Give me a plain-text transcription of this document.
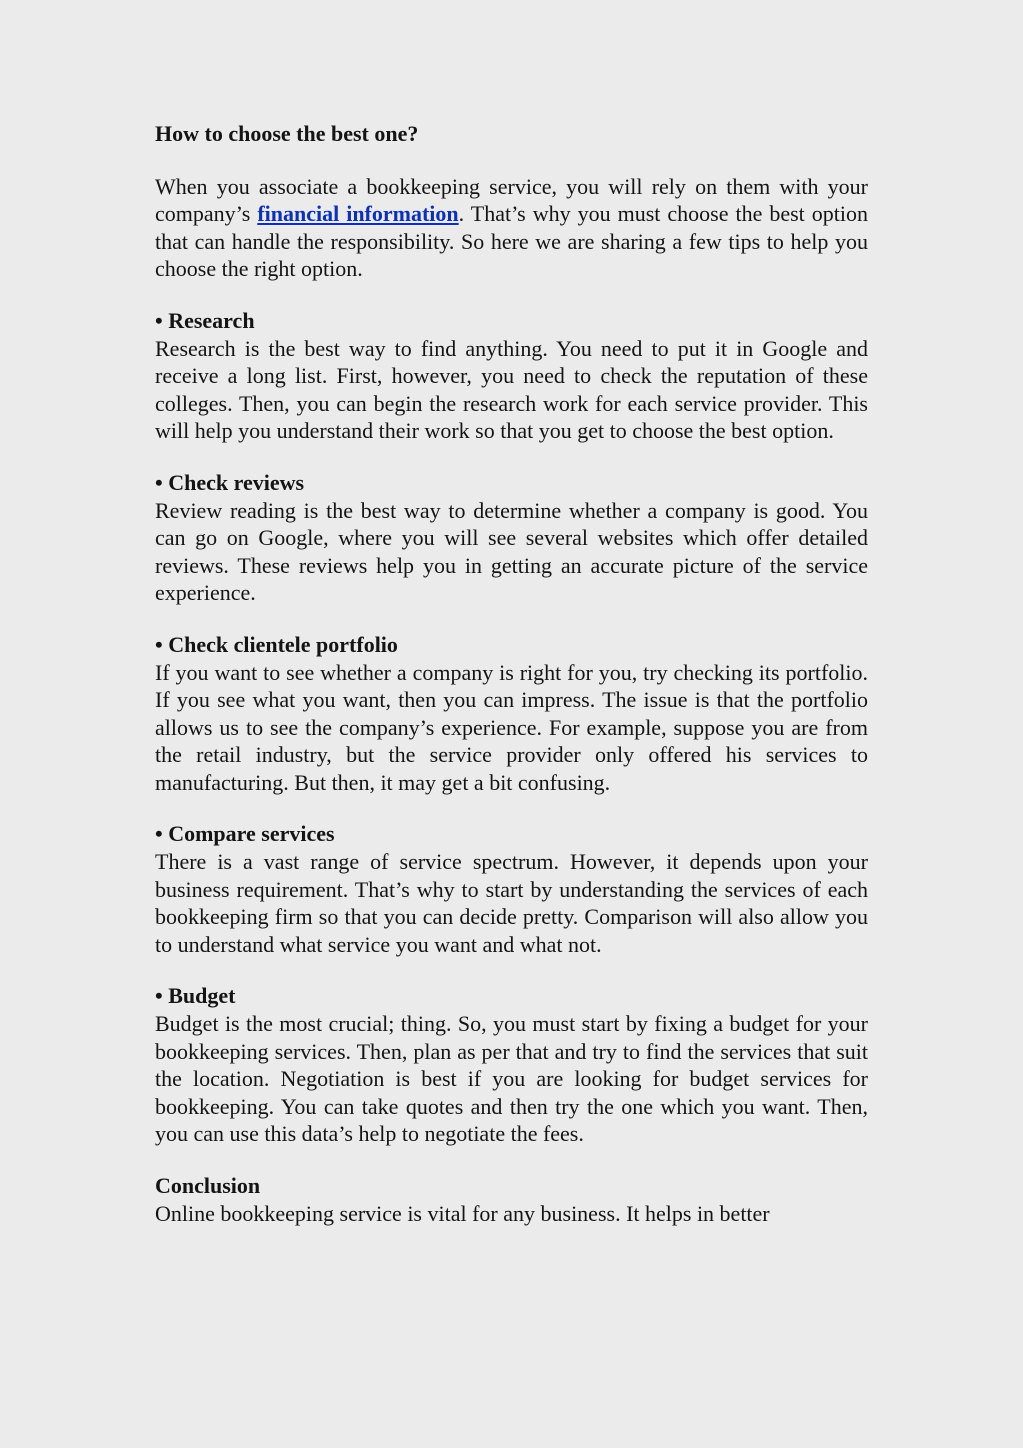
How to choose the best one?

When you associate a bookkeeping service, you will rely on them with your company’s financial information. That’s why you must choose the best option that can handle the responsibility. So here we are sharing a few tips to help you choose the right option.

• Research

Research is the best way to find anything. You need to put it in Google and receive a long list. First, however, you need to check the reputation of these colleges. Then, you can begin the research work for each service provider. This will help you understand their work so that you get to choose the best option.

• Check reviews

Review reading is the best way to determine whether a company is good. You can go on Google, where you will see several websites which offer detailed reviews. These reviews help you in getting an accurate picture of the service experience.

• Check clientele portfolio

If you want to see whether a company is right for you, try checking its portfolio. If you see what you want, then you can impress. The issue is that the portfolio allows us to see the company’s experience. For example, suppose you are from the retail industry, but the service provider only offered his services to manufacturing. But then, it may get a bit confusing.

• Compare services

There is a vast range of service spectrum. However, it depends upon your business requirement. That’s why to start by understanding the services of each bookkeeping firm so that you can decide pretty. Comparison will also allow you to understand what service you want and what not.

• Budget

Budget is the most crucial; thing. So, you must start by fixing a budget for your bookkeeping services. Then, plan as per that and try to find the services that suit the location. Negotiation is best if you are looking for budget services for bookkeeping. You can take quotes and then try the one which you want. Then, you can use this data’s help to negotiate the fees.

Conclusion

Online bookkeeping service is vital for any business. It helps in better
